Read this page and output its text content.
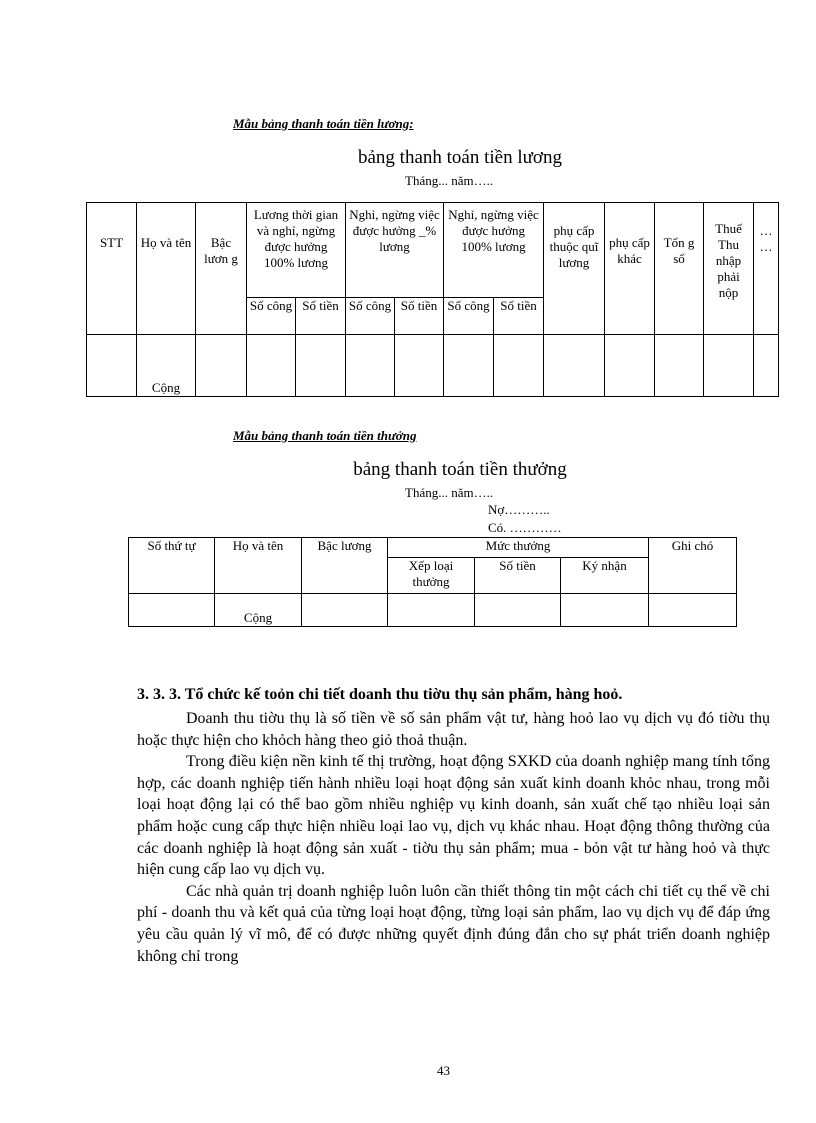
Mẫu bảng thanh toán tiền lương:
bảng thanh toán tiền lương
Tháng... năm…..
STT	Họ và tên	Bậc lươn g	Lương thời gian và nghỉ, ngừng được hưởng 100% lương		Nghỉ, ngừng việc được hưởng _% lương		Nghỉ, ngừng việc được hưởng 100% lương		phụ cấp thuộc quĩ lương	phụ cấp khác	Tổn g số	Thuế Thu nhập phải nộp	… …
			Số công	Số tiền	Số công	Số tiền	Số công	Số tiền					
	Cộng												
Mẫu bảng thanh toán tiền thưởng
bảng thanh toán tiền thưởng
Tháng... năm…..
Nợ………..
Có. …………
Số thứ tự	Họ và tên	Bậc lương	Mức thưởng			Ghi chó
			Xếp loại thưởng	Số tiền	Ký nhận	
	Cộng					
3. 3. 3. Tổ chức kế toỏn chi tiết doanh thu tiờu thụ sản phẩm, hàng hoỏ.

Doanh thu tiờu thụ là số tiền về số sản phẩm vật tư, hàng hoỏ lao vụ dịch vụ đó tiờu thụ hoặc thực hiện cho khỏch hàng theo giỏ thoả thuận.

Trong điều kiện nền kinh tế thị trường, hoạt động SXKD của doanh nghiệp mang tính tổng hợp, các doanh nghiệp tiến hành nhiều loại hoạt động sản xuất kinh doanh khỏc nhau, trong mỗi loại hoạt động lại có thể bao gồm nhiều nghiệp vụ kinh doanh, sản xuất chế tạo nhiều loại sản phẩm hoặc cung cấp thực hiện nhiều loại lao vụ, dịch vụ khác nhau. Hoạt động thông thường của các doanh nghiệp là hoạt động sản xuất - tiờu thụ sản phẩm; mua - bỏn vật tư hàng hoỏ và thực hiện cung cấp lao vụ dịch vụ.

Các nhà quản trị doanh nghiệp luôn luôn cần thiết thông tin một cách chi tiết cụ thể về chi phí - doanh thu và kết quả của từng loại hoạt động, từng loại sản phẩm, lao vụ dịch vụ để đáp ứng yêu cầu quản lý vĩ mô, để có được những quyết định đúng đắn cho sự phát triển doanh nghiệp không chỉ trong

43
